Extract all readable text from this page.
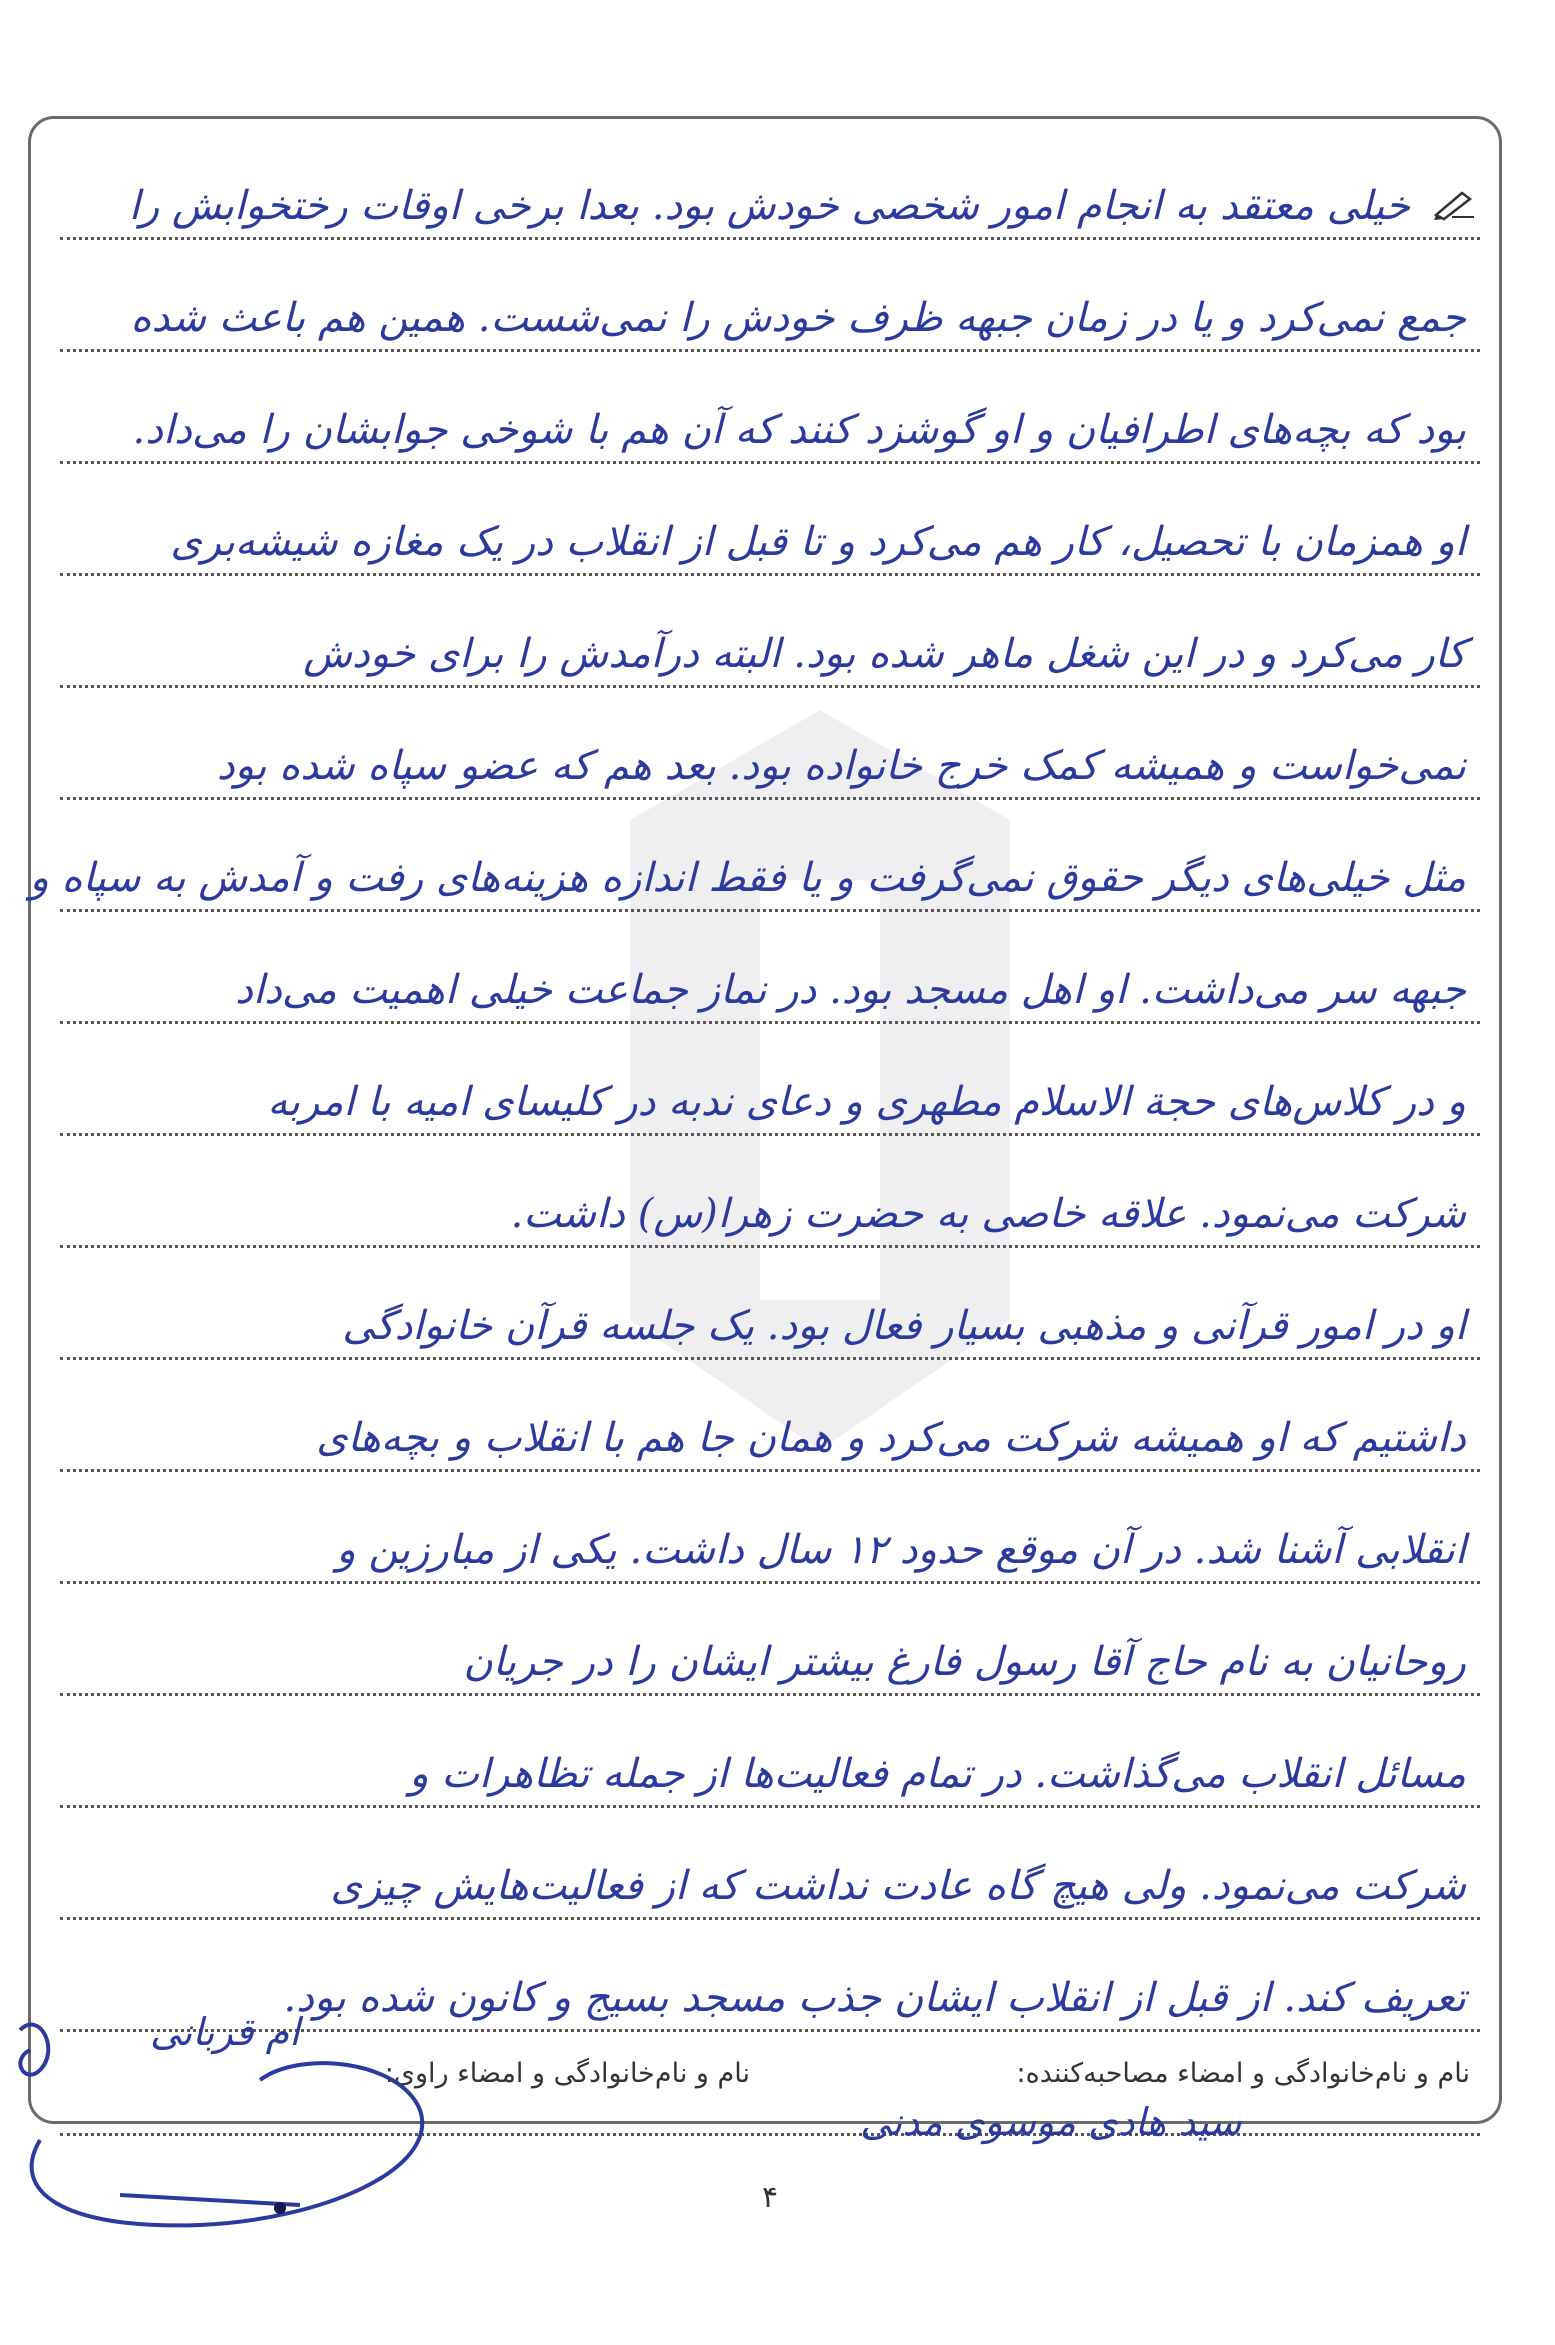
خیلی معتقد به انجام امور شخصی خودش بود. بعدا برخی اوقات رختخوابش را
جمع نمی‌کرد و یا در زمان جبهه ظرف خودش را نمی‌شست. همین هم باعث شده
بود که بچه‌های اطرافیان و او گوشزد کنند که آن هم با شوخی جوابشان را می‌داد.
او همزمان با تحصیل، کار هم می‌کرد و تا قبل از انقلاب در یک مغازه شیشه‌بری
کار می‌کرد و در این شغل ماهر شده بود. البته درآمدش را برای خودش
نمی‌خواست و همیشه کمک خرج خانواده بود. بعد هم که عضو سپاه شده بود
مثل خیلی‌های دیگر حقوق نمی‌گرفت و یا فقط اندازه هزینه‌های رفت و آمدش به سپاه و
جبهه سر می‌داشت. او اهل مسجد بود. در نماز جماعت خیلی اهمیت می‌داد
و در کلاس‌های حجة الاسلام مطهری و دعای ندبه در کلیسای امیه با امر‌به
شرکت می‌نمود. علاقه خاصی به حضرت زهرا(س) داشت.
او در امور قرآنی و مذهبی بسیار فعال بود. یک جلسه قرآن خانوادگی
داشتیم که او همیشه شرکت می‌کرد و همان جا هم با انقلاب و بچه‌های
انقلابی آشنا شد. در آن موقع حدود ۱۲ سال داشت. یکی از مبارزین و
روحانیان به نام حاج آقا رسول فارغ بیشتر ایشان را در جریان
مسائل انقلاب می‌گذاشت. در تمام فعالیت‌ها از جمله تظاهرات و
شرکت می‌نمود. ولی هیچ گاه عادت نداشت که از فعالیت‌هایش چیزی
تعریف کند. از قبل از انقلاب ایشان جذب مسجد بسیج و کانون شده بود.
نام و نام‌خانوادگی و امضاء مصاحبه‌کننده:
نام و نام‌خانوادگی و امضاء راوی:
سید هادی موسوی مدنی
ام قربانی
۴
